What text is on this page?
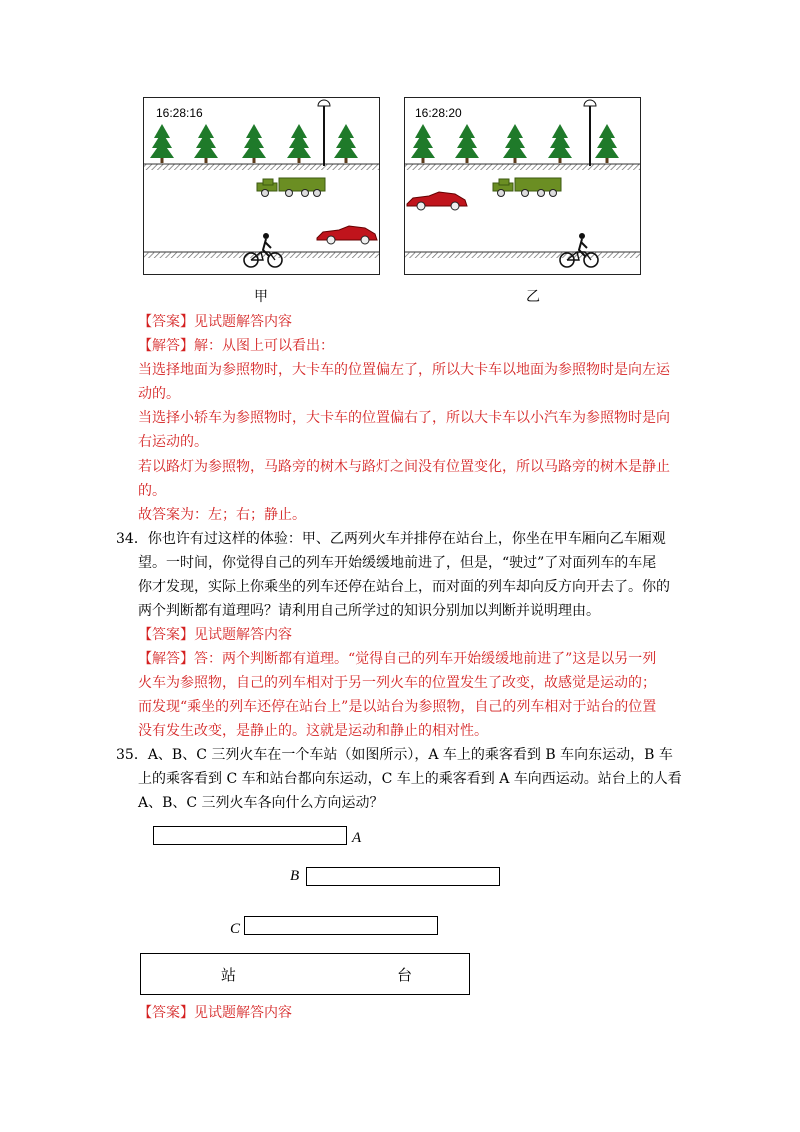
16:28:16	16:28:20
甲	乙
【答案】见试题解答内容
【解答】解：从图上可以看出：
当选择地面为参照物时，大卡车的位置偏左了，所以大卡车以地面为参照物时是向左运
动的。
当选择小轿车为参照物时，大卡车的位置偏右了，所以大卡车以小汽车为参照物时是向
右运动的。
若以路灯为参照物，马路旁的树木与路灯之间没有位置变化，所以马路旁的树木是静止
的。
故答案为：左；右；静止。
34．你也许有过这样的体验：甲、乙两列火车并排停在站台上，你坐在甲车厢向乙车厢观
望。一时间，你觉得自己的列车开始缓缓地前进了，但是，“驶过”了对面列车的车尾
你才发现，实际上你乘坐的列车还停在站台上，而对面的列车却向反方向开去了。你的
两个判断都有道理吗？请利用自己所学过的知识分别加以判断并说明理由。
【答案】见试题解答内容
【解答】答：两个判断都有道理。“觉得自己的列车开始缓缓地前进了”这是以另一列
火车为参照物，自己的列车相对于另一列火车的位置发生了改变，故感觉是运动的；
而发现“乘坐的列车还停在站台上”是以站台为参照物，自己的列车相对于站台的位置
没有发生改变，是静止的。这就是运动和静止的相对性。
35．A、B、C 三列火车在一个车站（如图所示），A 车上的乘客看到 B 车向东运动，B 车
上的乘客看到 C 车和站台都向东运动，C 车上的乘客看到 A 车向西运动。站台上的人看
A、B、C 三列火车各向什么方向运动？
A
B
C
站	台
【答案】见试题解答内容
